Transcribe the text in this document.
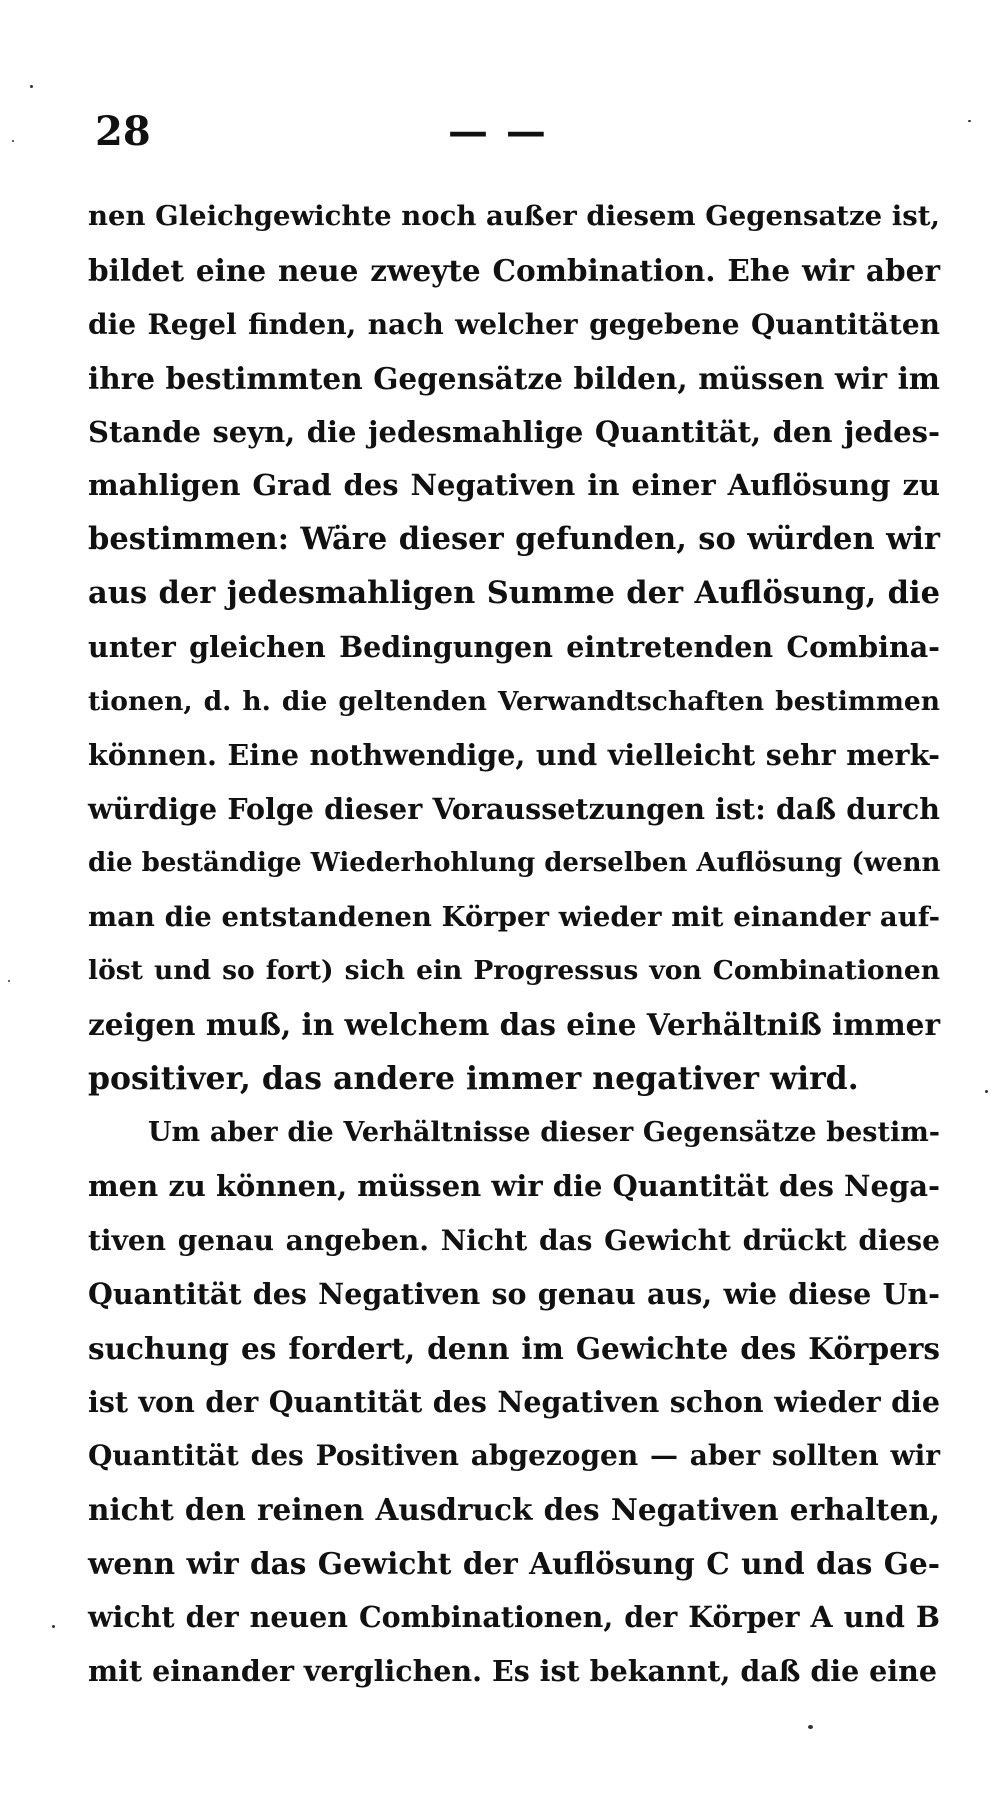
28	— —
nen Gleichgewichte noch außer diesem Gegensatze ist,
bildet eine neue zweyte Combination. Ehe wir aber
die Regel finden, nach welcher gegebene Quantitäten
ihre bestimmten Gegensätze bilden, müssen wir im
Stande seyn, die jedesmahlige Quantität, den jedes-
mahligen Grad des Negativen in einer Auflösung zu
bestimmen: Wäre dieser gefunden, so würden wir
aus der jedesmahligen Summe der Auflösung, die
unter gleichen Bedingungen eintretenden Combina-
tionen, d. h. die geltenden Verwandtschaften bestimmen
können. Eine nothwendige, und vielleicht sehr merk-
würdige Folge dieser Voraussetzungen ist: daß durch
die beständige Wiederhohlung derselben Auflösung (wenn
man die entstandenen Körper wieder mit einander auf-
löst und so fort) sich ein Progressus von Combinationen
zeigen muß, in welchem das eine Verhältniß immer
positiver, das andere immer negativer wird.
Um aber die Verhältnisse dieser Gegensätze bestim-
men zu können, müssen wir die Quantität des Nega-
tiven genau angeben. Nicht das Gewicht drückt diese
Quantität des Negativen so genau aus, wie diese Un-
suchung es fordert, denn im Gewichte des Körpers
ist von der Quantität des Negativen schon wieder die
Quantität des Positiven abgezogen — aber sollten wir
nicht den reinen Ausdruck des Negativen erhalten,
wenn wir das Gewicht der Auflösung C und das Ge-
wicht der neuen Combinationen, der Körper A und B
mit einander verglichen. Es ist bekannt, daß die eine
